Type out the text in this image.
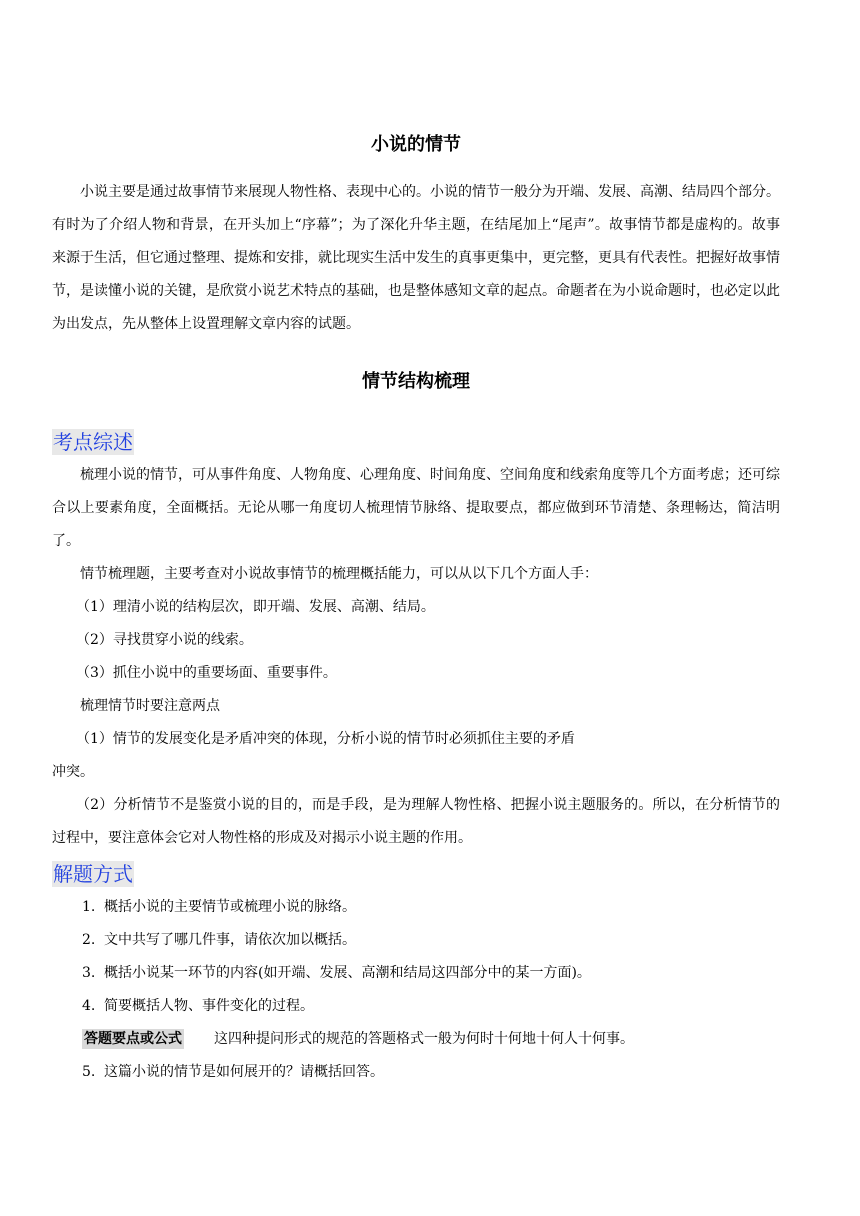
小说的情节

小说主要是通过故事情节来展现人物性格、表现中心的。小说的情节一般分为开端、发展、高潮、结局四个部分。有时为了介绍人物和背景，在开头加上“序幕”；为了深化升华主题，在结尾加上“尾声”。故事情节都是虚构的。故事来源于生活，但它通过整理、提炼和安排，就比现实生活中发生的真事更集中，更完整，更具有代表性。把握好故事情节，是读懂小说的关键，是欣赏小说艺术特点的基础，也是整体感知文章的起点。命题者在为小说命题时，也必定以此为出发点，先从整体上设置理解文章内容的试题。

情节结构梳理

考点综述

梳理小说的情节，可从事件角度、人物角度、心理角度、时间角度、空间角度和线索角度等几个方面考虑；还可综合以上要素角度，全面概括。无论从哪一角度切人梳理情节脉络、提取要点，都应做到环节清楚、条理畅达，简洁明了。

情节梳理题，主要考查对小说故事情节的梳理概括能力，可以从以下几个方面人手：

（1）理清小说的结构层次，即开端、发展、高潮、结局。

（2）寻找贯穿小说的线索。

（3）抓住小说中的重要场面、重要事件。

梳理情节时要注意两点

（1）情节的发展变化是矛盾冲突的体现，分析小说的情节时必须抓住主要的矛盾

冲突。

（2）分析情节不是鉴赏小说的目的，而是手段，是为理解人物性格、把握小说主题服务的。所以，在分析情节的过程中，要注意体会它对人物性格的形成及对揭示小说主题的作用。

解题方式

1. 概括小说的主要情节或梳理小说的脉络。

2. 文中共写了哪几件事，请依次加以概括。

3. 概括小说某一环节的内容(如开端、发展、高潮和结局这四部分中的某一方面)。

4. 简要概括人物、事件变化的过程。

答题要点或公式 这四种提问形式的规范的答题格式一般为何时十何地十何人十何事。

5. 这篇小说的情节是如何展开的？请概括回答。
